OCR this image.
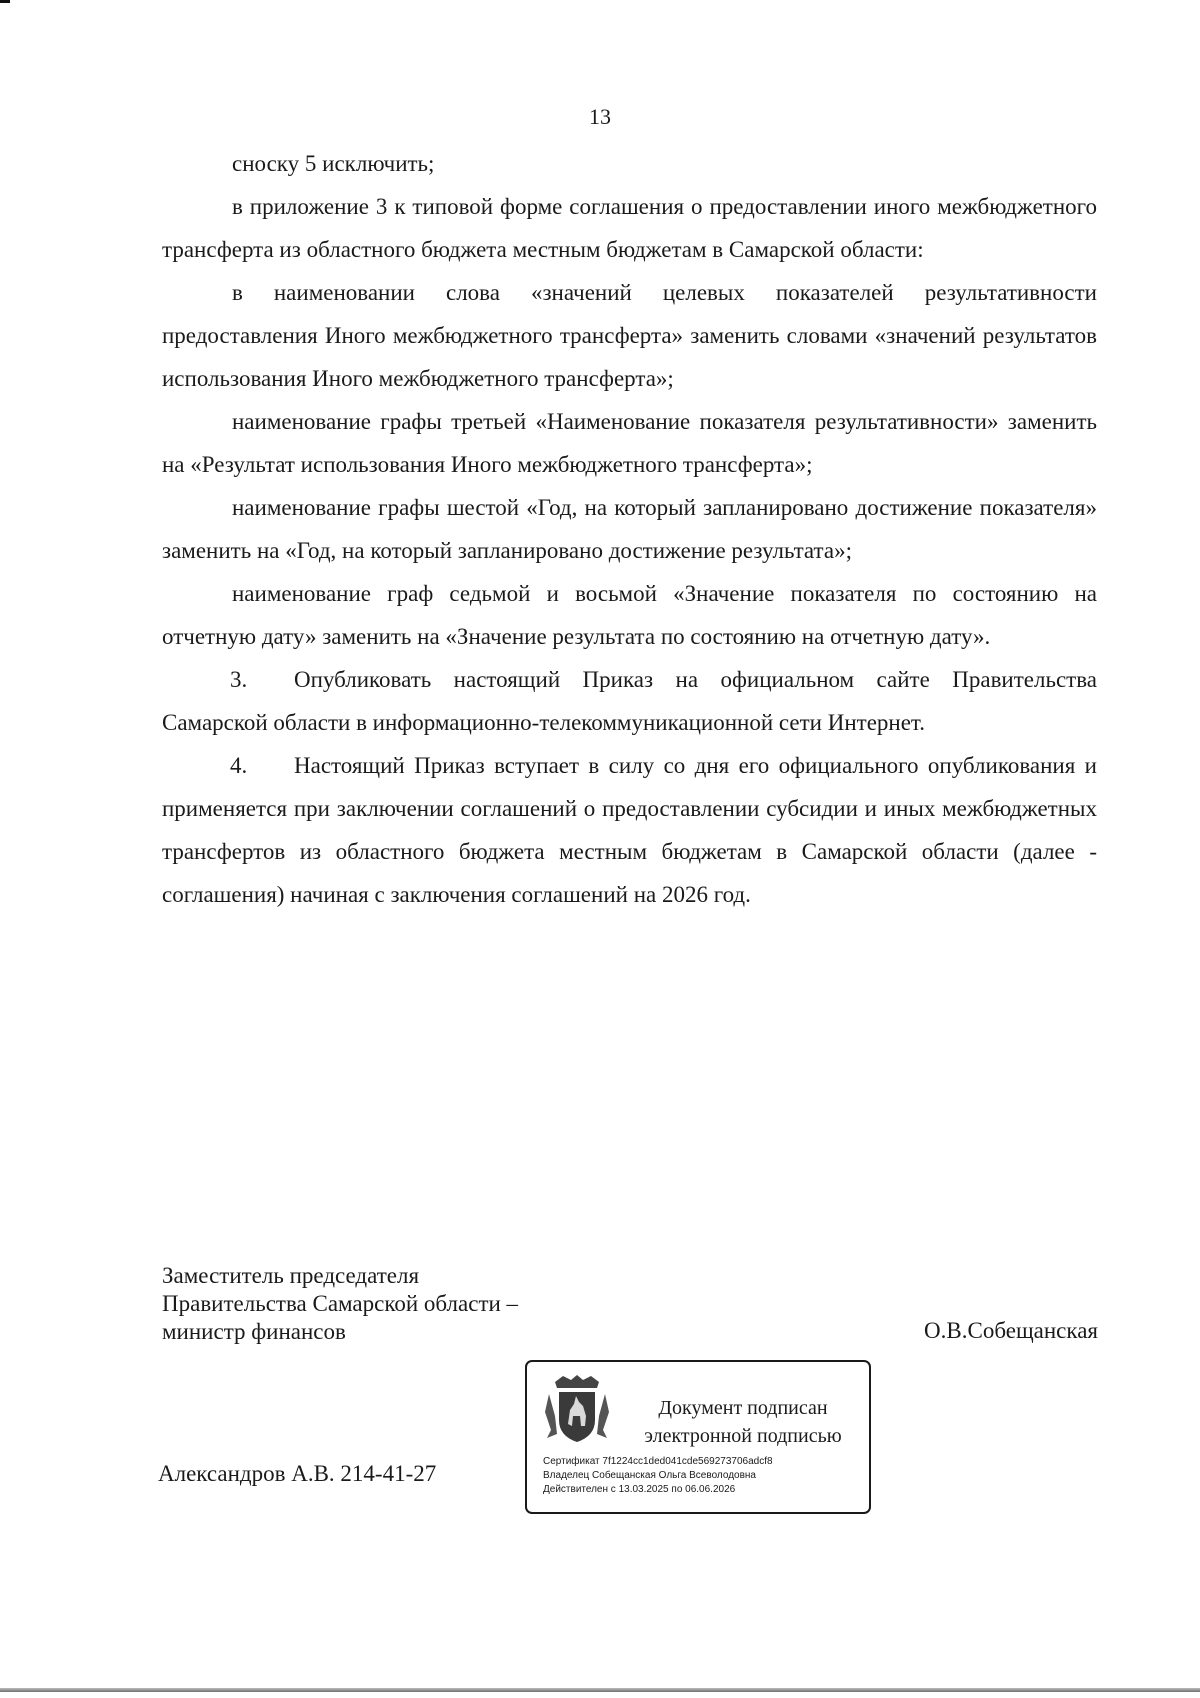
13

сноску 5 исключить;

в приложение 3 к типовой форме соглашения о предоставлении иного межбюджетного трансферта из областного бюджета местным бюджетам в Самарской области:

в наименовании слова «значений целевых показателей результативности предоставления Иного межбюджетного трансферта» заменить словами «значений результатов использования Иного межбюджетного трансферта»;

наименование графы третьей «Наименование показателя результативности» заменить на «Результат использования Иного межбюджетного трансферта»;

наименование графы шестой «Год, на который запланировано достижение показателя» заменить на «Год, на который запланировано достижение результата»;

наименование граф седьмой и восьмой «Значение показателя по состоянию на отчетную дату» заменить на «Значение результата по состоянию на отчетную дату».

3. Опубликовать настоящий Приказ на официальном сайте Правительства Самарской области в информационно-телекоммуникационной сети Интернет.

4. Настоящий Приказ вступает в силу со дня его официального опубликования и применяется при заключении соглашений о предоставлении субсидии и иных межбюджетных трансфертов из областного бюджета местным бюджетам в Самарской области (далее - соглашения) начиная с заключения соглашений на 2026 год.

Заместитель председателя
Правительства Самарской области –
министр финансов	О.В.Собещанская
Документ подписан
электронной подписью
Сертификат 7f1224cc1ded041cde569273706adcf8
Владелец Собещанская Ольга Всеволодовна
Действителен с 13.03.2025 по 06.06.2026
Александров А.В. 214-41-27
